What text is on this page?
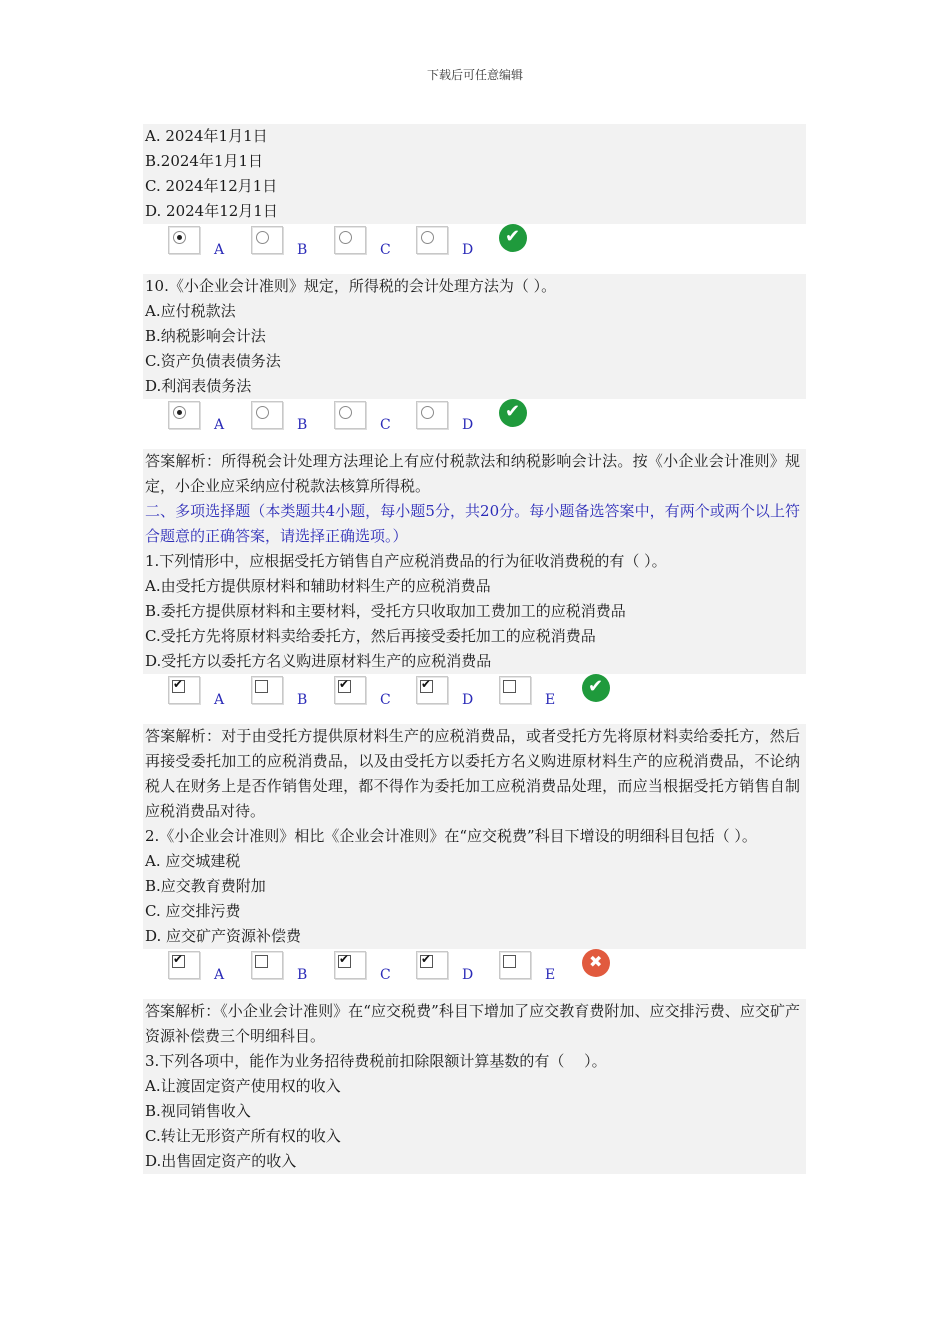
下载后可任意编辑
A. 2024年1月1日
B.2024年1月1日
C. 2024年12月1日
D. 2024年12月1日
A	B	C	D
✔
10.《小企业会计准则》规定，所得税的会计处理方法为（ ）。
A.应付税款法
B.纳税影响会计法
C.资产负债表债务法
D.利润表债务法
A	B	C	D
✔
答案解析：所得税会计处理方法理论上有应付税款法和纳税影响会计法。按《小企业会计准则》规定，小企业应采纳应付税款法核算所得税。
二、多项选择题（本类题共4小题，每小题5分，共20分。每小题备选答案中，有两个或两个以上符合题意的正确答案，请选择正确选项。）
1.下列情形中，应根据受托方销售自产应税消费品的行为征收消费税的有（ ）。
A.由受托方提供原材料和辅助材料生产的应税消费品
B.委托方提供原材料和主要材料，受托方只收取加工费加工的应税消费品
C.受托方先将原材料卖给委托方，然后再接受委托加工的应税消费品
D.受托方以委托方名义购进原材料生产的应税消费品
✔
A	B
✔	C
✔	D	E
✔
答案解析：对于由受托方提供原材料生产的应税消费品，或者受托方先将原材料卖给委托方，然后再接受委托加工的应税消费品，以及由受托方以委托方名义购进原材料生产的应税消费品，不论纳税人在财务上是否作销售处理，都不得作为委托加工应税消费品处理，而应当根据受托方销售自制应税消费品对待。
2.《小企业会计准则》相比《企业会计准则》在“应交税费”科目下增设的明细科目包括（ ）。
A. 应交城建税
B.应交教育费附加
C. 应交排污费
D. 应交矿产资源补偿费
✔
A	B
✔	C
✔	D	E
✖
答案解析：《小企业会计准则》在“应交税费”科目下增加了应交教育费附加、应交排污费、应交矿产资源补偿费三个明细科目。
3.下列各项中，能作为业务招待费税前扣除限额计算基数的有（　 ）。
A.让渡固定资产使用权的收入
B.视同销售收入
C.转让无形资产所有权的收入
D.出售固定资产的收入
